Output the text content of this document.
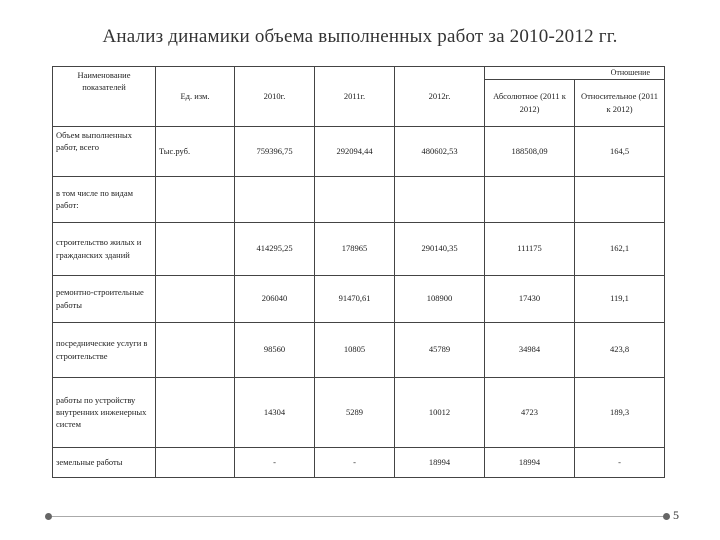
Анализ динамики объема выполненных работ за 2010-2012 гг.
Наименование показателей	Ед. изм.	2010г.	2011г.	2012г.	Отношение	
					Абсолютное (2011 к 2012)	Относительное (2011 к 2012)
Объем выполненных работ, всего	Тыс.руб.	759396,75	292094,44	480602,53	188508,09	164,5
в том числе по видам работ:						
строительство жилых и гражданских зданий		414295,25	178965	290140,35	111175	162,1
ремонтно-строительные работы		206040	91470,61	108900	17430	119,1
посреднические услуги в строительстве		98560	10805	45789	34984	423,8
работы по устройству внутренних инженерных систем		14304	5289	10012	4723	189,3
земельные работы		-	-	18994	18994	-
5
